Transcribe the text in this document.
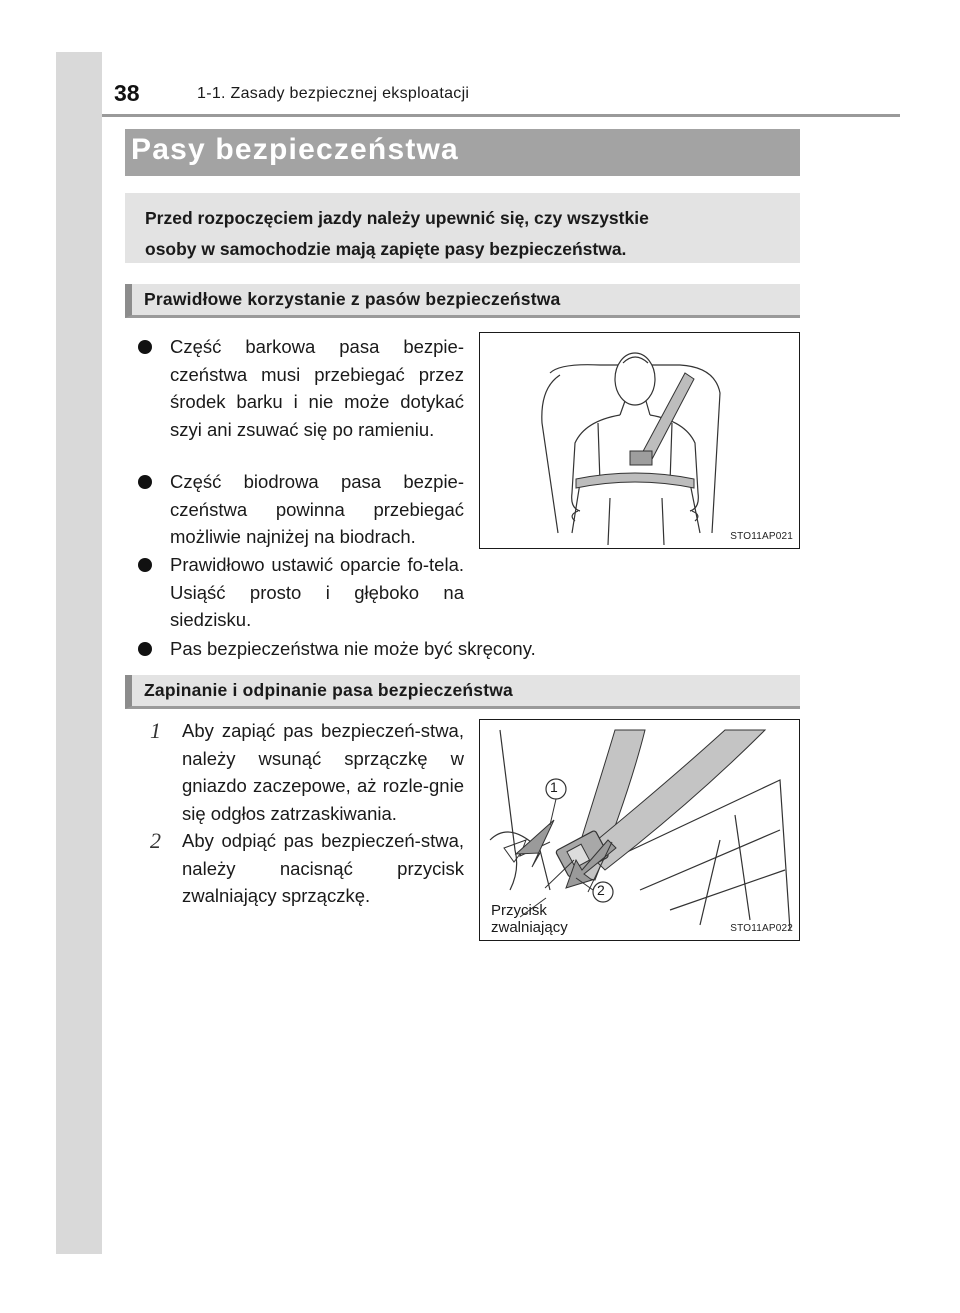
38	1-1. Zasady bezpiecznej eksploatacji
Pasy bezpieczeństwa
Przed rozpoczęciem jazdy należy upewnić się, czy wszystkie
osoby w samochodzie mają zapięte pasy bezpieczeństwa.
Prawidłowe korzystanie z pasów bezpieczeństwa
Część barkowa pasa bezpie-czeństwa musi przebiegać przez środek barku i nie może dotykać szyi ani zsuwać się po ramieniu.
Część biodrowa pasa bezpie-czeństwa powinna przebiegać możliwie najniżej na biodrach.
Prawidłowo ustawić oparcie fo-tela. Usiąść prosto i głęboko na siedzisku.
Pas bezpieczeństwa nie może być skręcony.
STO11AP021
Zapinanie i odpinanie pasa bezpieczeństwa
1 Aby zapiąć pas bezpieczeń-stwa, należy wsunąć sprzączkę w gniazdo zaczepowe, aż rozle-gnie się odgłos zatrzaskiwania.
2 Aby odpiąć pas bezpieczeń-stwa, należy nacisnąć przycisk zwalniający sprzączkę.
1
2
Przycisk
zwalniający	STO11AP022
